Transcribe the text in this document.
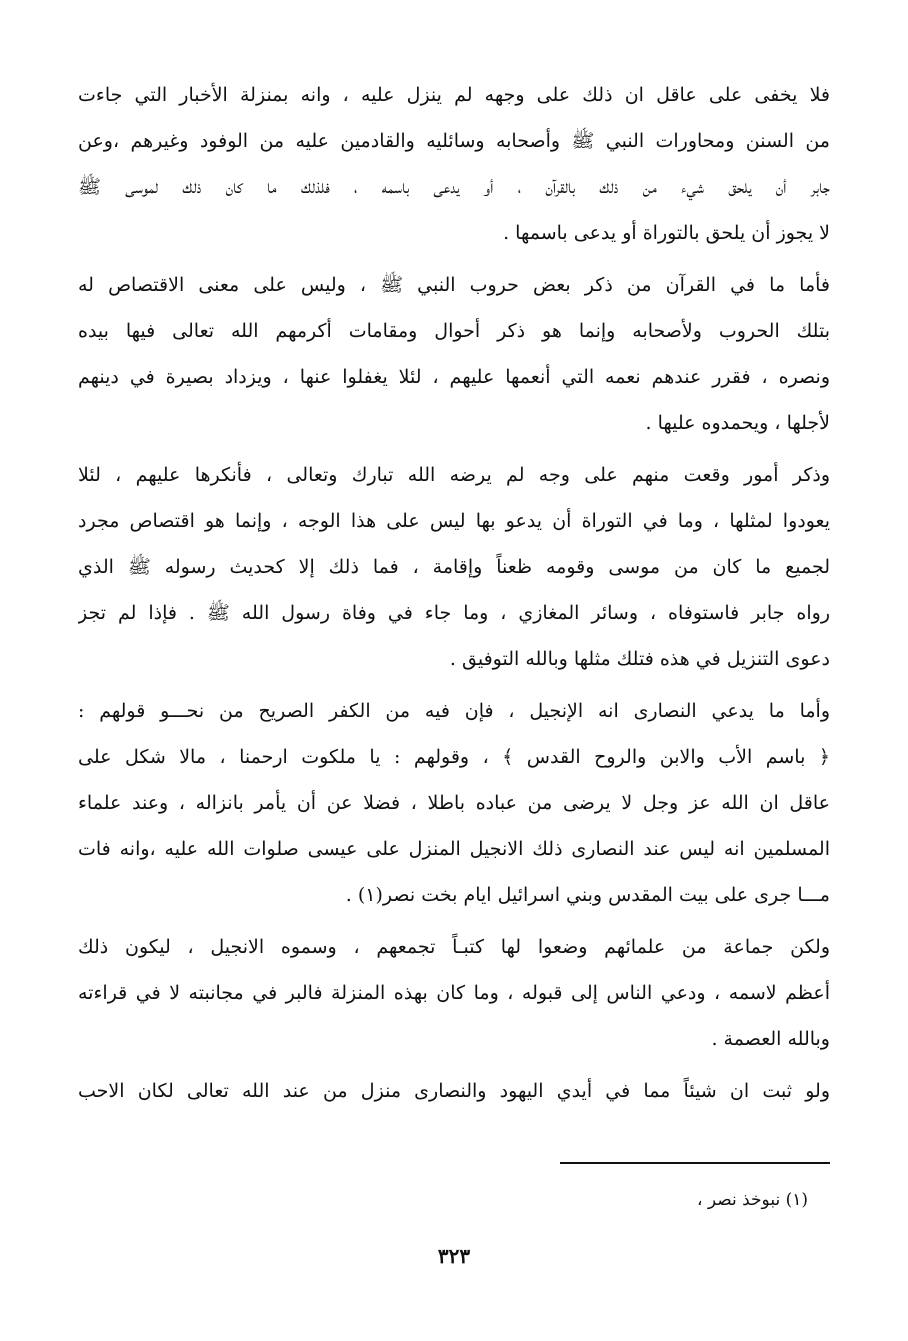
فلا يخفى على عاقل ان ذلك على وجهه لم ينزل عليه ، وانه بمنزلة الأخبار التي جاءت
من السنن ومحاورات النبي ﷺ وأصحابه وسائليه والقادمين عليه من الوفود وغيرهم ،وعن
جابر أن يلحق شيء من ذلك بالقرآن ، أو يدعى باسمه ، فلذلك ما كان ذلك لموسى ﷺ
لا يجوز أن يلحق بالتوراة أو يدعى باسمها .

فأما ما في القرآن من ذكر بعض حروب النبي ﷺ ، وليس على معنى الاقتصاص له
بتلك الحروب ولأصحابه وإنما هو ذكر أحوال ومقامات أكرمهم الله تعالى فيها بيده
ونصره ، فقرر عندهم نعمه التي أنعمها عليهم ، لئلا يغفلوا عنها ، ويزداد بصيرة في دينهم
لأجلها ، ويحمدوه عليها .

وذكر أمور وقعت منهم على وجه لم يرضه الله تبارك وتعالى ، فأنكرها عليهم ، لئلا
يعودوا لمثلها ، وما في التوراة أن يدعو بها ليس على هذا الوجه ، وإنما هو اقتصاص مجرد
لجميع ما كان من موسى وقومه ظعناً وإقامة ، فما ذلك إلا كحديث رسوله ﷺ الذي
رواه جابر فاستوفاه ، وسائر المغازي ، وما جاء في وفاة رسول الله ﷺ . فإذا لم تجز
دعوى التنزيل في هذه فتلك مثلها وبالله التوفيق .

وأما ما يدعي النصارى انه الإنجيل ، فإن فيه من الكفر الصريح من نحـــو قولهم :
﴿ باسم الأب والابن والروح القدس ﴾ ، وقولهم : يا ملكوت ارحمنا ، مالا شكل على
عاقل ان الله عز وجل لا يرضى من عباده باطلا ، فضلا عن أن يأمر بانزاله ، وعند علماء
المسلمين انه ليس عند النصارى ذلك الانجيل المنزل على عيسى صلوات الله عليه ،وانه فات
مـــا جرى على بيت المقدس وبني اسرائيل ايام بخت نصر(١) .

ولكن جماعة من علمائهم وضعوا لها كتبـاً تجمعهم ، وسموه الانجيل ، ليكون ذلك
أعظم لاسمه ، ودعي الناس إلى قبوله ، وما كان بهذه المنزلة فالبر في مجانبته لا في قراءته
وبالله العصمة .

ولو ثبت ان شيئاً مما في أيدي اليهود والنصارى منزل من عند الله تعالى لكان الاحب

(١) نبوخذ نصر ،
٣٢٣
